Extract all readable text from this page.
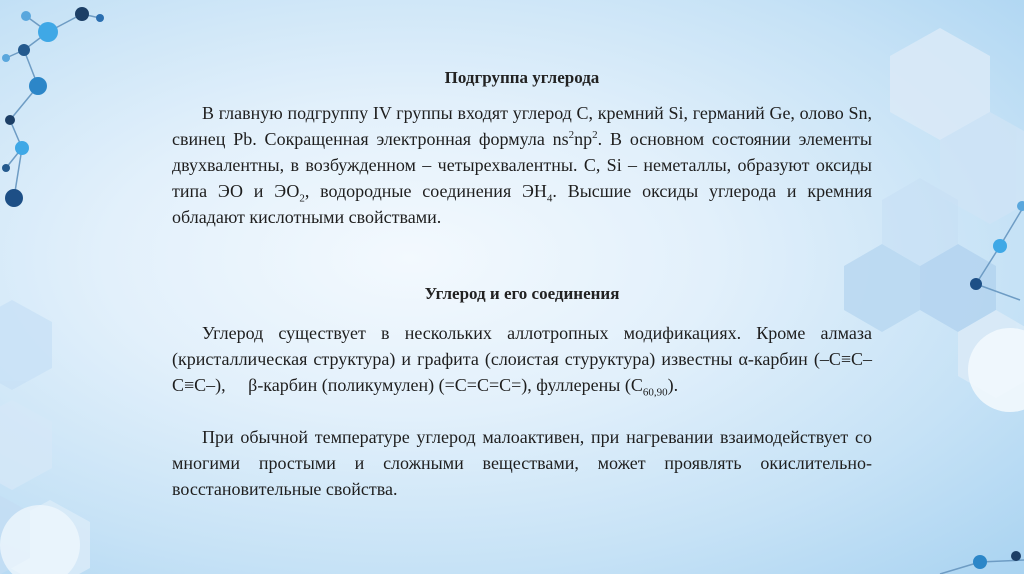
Подгруппа углерода

В главную подгруппу IV группы входят углерод С, кремний Si, германий Ge, олово Sn, свинец Pb. Сокращенная электронная формула $ns^2np^2$. В основном состоянии элементы двухвалентны, в возбужденном – четырехвалентны. С, Si – неметаллы, образуют оксиды типа ЭО и $ЭО_2$, водородные соединения $ЭН_4$. Высшие оксиды углерода и кремния обладают кислотными свойствами.

Углерод и его соединения

Углерод существует в нескольких аллотропных модификациях. Кроме алмаза (кристаллическая структура) и графита (слоистая стуруктура) известны α-карбин (–С≡С–С≡С–),     β-карбин (поликумулен) (=С=С=С=), фуллерены $(С_{60,90})$.

При обычной температуре углерод малоактивен, при нагревании взаимодействует со многими простыми и сложными веществами, может проявлять окислительно-восстановительные свойства.
